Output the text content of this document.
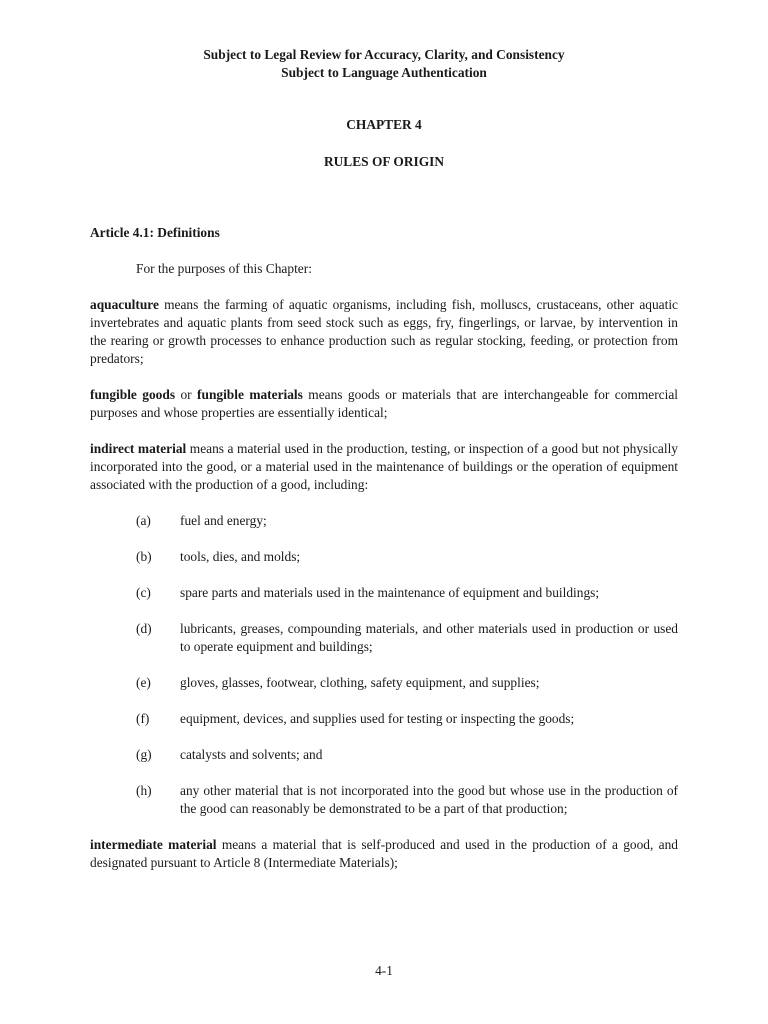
Subject to Legal Review for Accuracy, Clarity, and Consistency
Subject to Language Authentication
CHAPTER 4
RULES OF ORIGIN

Article 4.1: Definitions

For the purposes of this Chapter:

aquaculture means the farming of aquatic organisms, including fish, molluscs, crustaceans, other aquatic invertebrates and aquatic plants from seed stock such as eggs, fry, fingerlings, or larvae, by intervention in the rearing or growth processes to enhance production such as regular stocking, feeding, or protection from predators;

fungible goods or fungible materials means goods or materials that are interchangeable for commercial purposes and whose properties are essentially identical;

indirect material means a material used in the production, testing, or inspection of a good but not physically incorporated into the good, or a material used in the maintenance of buildings or the operation of equipment associated with the production of a good, including:

(a)	fuel and energy;
(b)	tools, dies, and molds;
(c)	spare parts and materials used in the maintenance of equipment and buildings;
(d)	lubricants, greases, compounding materials, and other materials used in production or used to operate equipment and buildings;
(e)	gloves, glasses, footwear, clothing, safety equipment, and supplies;
(f)	equipment, devices, and supplies used for testing or inspecting the goods;
(g)	catalysts and solvents; and
(h)	any other material that is not incorporated into the good but whose use in the production of the good can reasonably be demonstrated to be a part of that production;

intermediate material means a material that is self-produced and used in the production of a good, and designated pursuant to Article 8 (Intermediate Materials);

4-1
